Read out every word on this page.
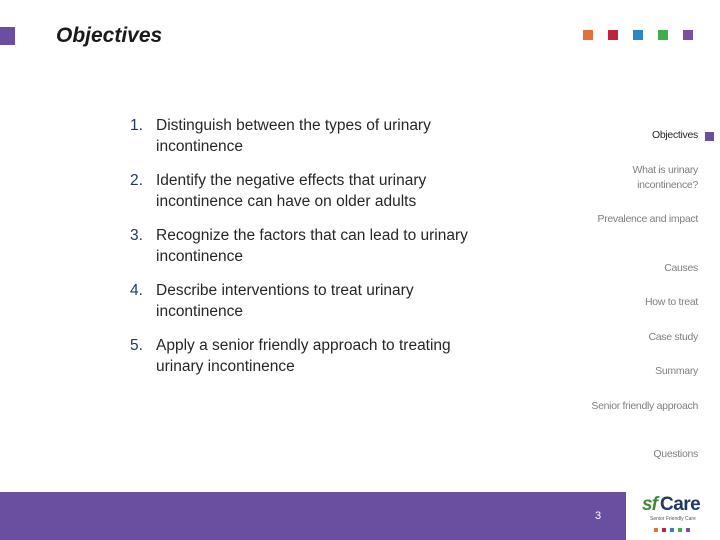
Objectives
1. Distinguish between the types of urinary incontinence
2. Identify the negative effects that urinary incontinence can have on older adults
3. Recognize the factors that can lead to urinary incontinence
4. Describe interventions to treat urinary incontinence
5. Apply a senior friendly approach to treating urinary incontinence
Objectives
What is urinary incontinence?
Prevalence and impact
Causes
How to treat
Case study
Summary
Senior friendly approach
Questions
3
sf Care
Senior Friendly Care
